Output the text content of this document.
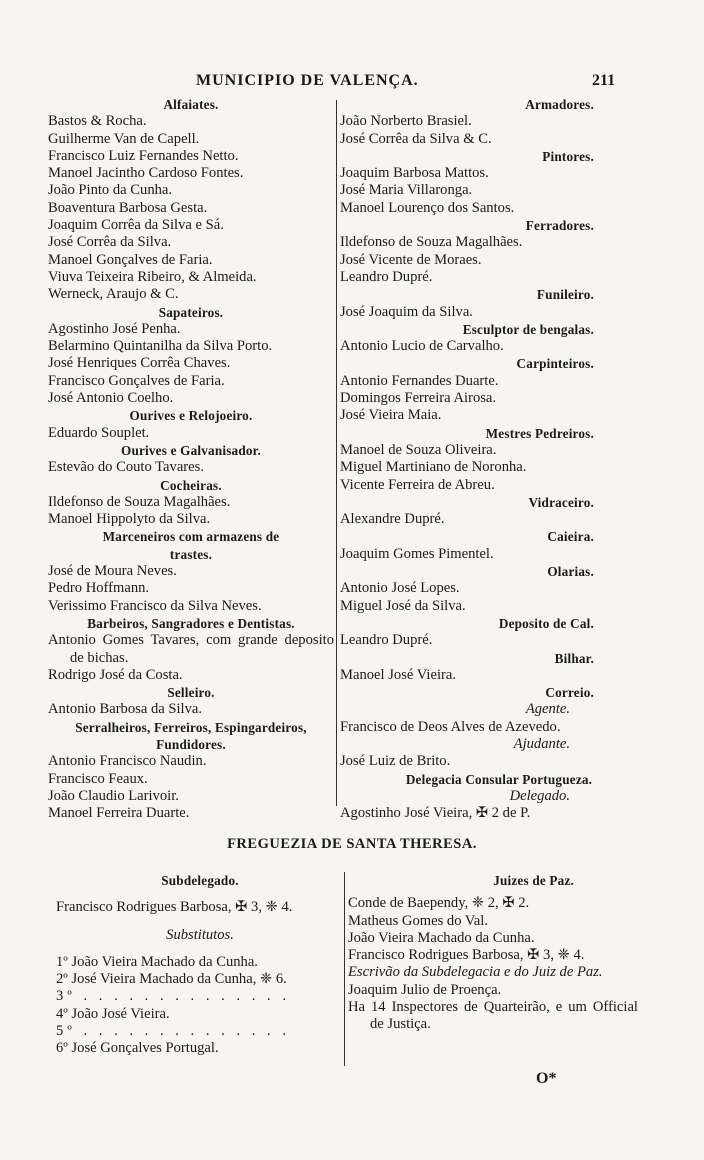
MUNICIPIO DE VALENÇA.	211
Alfaiates.
Bastos & Rocha.
Guilherme Van de Capell.
Francisco Luiz Fernandes Netto.
Manoel Jacintho Cardoso Fontes.
João Pinto da Cunha.
Boaventura Barbosa Gesta.
Joaquim Corrêa da Silva e Sá.
José Corrêa da Silva.
Manoel Gonçalves de Faria.
Viuva Teixeira Ribeiro, & Almeida.
Werneck, Araujo & C.
Sapateiros.
Agostinho José Penha.
Belarmino Quintanilha da Silva Porto.
José Henriques Corrêa Chaves.
Francisco Gonçalves de Faria.
José Antonio Coelho.
Ourives e Relojoeiro.
Eduardo Souplet.
Ourives e Galvanisador.
Estevão do Couto Tavares.
Cocheiras.
Ildefonso de Souza Magalhães.
Manoel Hippolyto da Silva.
Marceneiros com armazens de
trastes.
José de Moura Neves.
Pedro Hoffmann.
Verissimo Francisco da Silva Neves.
Barbeiros, Sangradores e Dentistas.
Antonio Gomes Tavares, com grande deposito de bichas.
Rodrigo José da Costa.
Selleiro.
Antonio Barbosa da Silva.
Serralheiros, Ferreiros, Espingardeiros, Fundidores.
Antonio Francisco Naudin.
Francisco Feaux.
João Claudio Larivoir.
Manoel Ferreira Duarte.
Armadores.
João Norberto Brasiel.
José Corrêa da Silva & C.
Pintores.
Joaquim Barbosa Mattos.
José Maria Villaronga.
Manoel Lourenço dos Santos.
Ferradores.
Ildefonso de Souza Magalhães.
José Vicente de Moraes.
Leandro Dupré.
Funileiro.
José Joaquim da Silva.
Esculptor de bengalas.
Antonio Lucio de Carvalho.
Carpinteiros.
Antonio Fernandes Duarte.
Domingos Ferreira Airosa.
José Vieira Maia.
Mestres Pedreiros.
Manoel de Souza Oliveira.
Miguel Martiniano de Noronha.
Vicente Ferreira de Abreu.
Vidraceiro.
Alexandre Dupré.
Caieira.
Joaquim Gomes Pimentel.
Olarias.
Antonio José Lopes.
Miguel José da Silva.
Deposito de Cal.
Leandro Dupré.
Bilhar.
Manoel José Vieira.
Correio.
Agente.
Francisco de Deos Alves de Azevedo.
Ajudante.
José Luiz de Brito.
Delegacia Consular Portugueza.
Delegado.
Agostinho José Vieira, ✠ 2 de P.
FREGUEZIA DE SANTA THERESA.
Subdelegado.
Francisco Rodrigues Barbosa, ✠ 3, ❈ 4.
Substitutos.
1º João Vieira Machado da Cunha.
2º José Vieira Machado da Cunha, ❈ 6.
3º . . . . . . . . . . . . . .
4º João José Vieira.
5º . . . . . . . . . . . . . .
6º José Gonçalves Portugal.
Juizes de Paz.
Conde de Baependy, ❈ 2, ✠ 2.
Matheus Gomes do Val.
João Vieira Machado da Cunha.
Francisco Rodrigues Barbosa, ✠ 3, ❈ 4.
Escrivão da Subdelegacia e do Juiz de Paz.
Joaquim Julio de Proença.
Ha 14 Inspectores de Quarteirão, e um Official de Justiça.
O*
